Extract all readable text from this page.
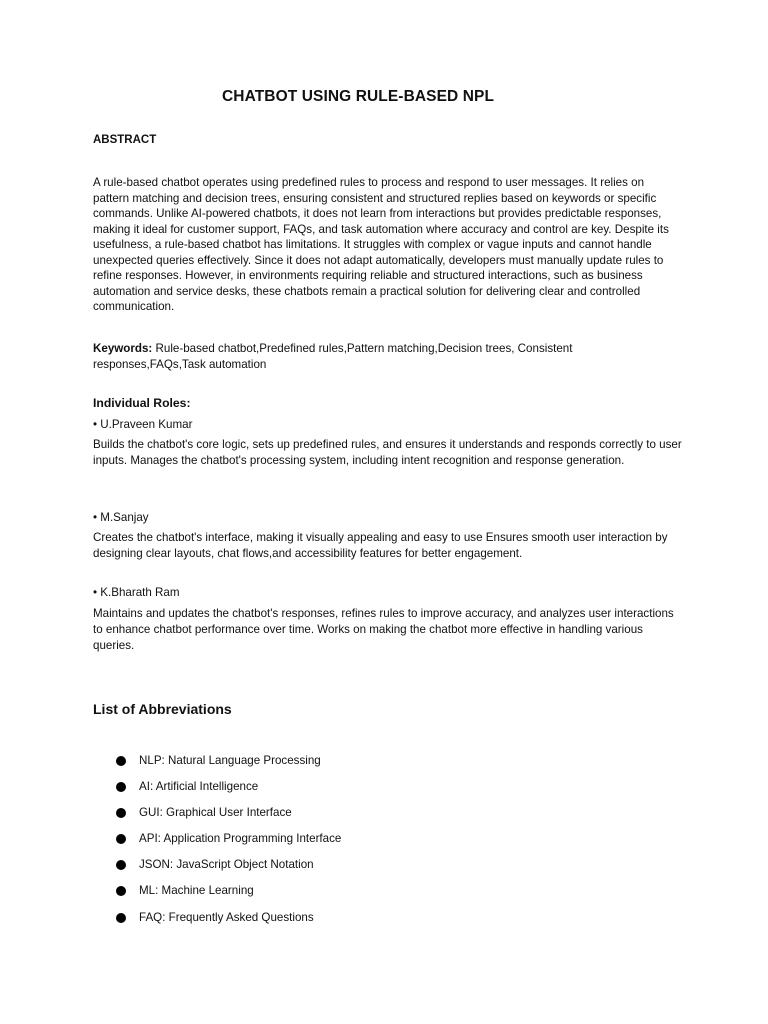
CHATBOT USING RULE-BASED NPL
ABSTRACT
A rule-based chatbot operates using predefined rules to process and respond to user messages. It relies on pattern matching and decision trees, ensuring consistent and structured replies based on keywords or specific commands. Unlike AI-powered chatbots, it does not learn from interactions but provides predictable responses, making it ideal for customer support, FAQs, and task automation where accuracy and control are key. Despite its usefulness, a rule-based chatbot has limitations. It struggles with complex or vague inputs and cannot handle unexpected queries effectively. Since it does not adapt automatically, developers must manually update rules to refine responses. However, in environments requiring reliable and structured interactions, such as business automation and service desks, these chatbots remain a practical solution for delivering clear and controlled communication.
Keywords: Rule-based chatbot,Predefined rules,Pattern matching,Decision trees, Consistent responses,FAQs,Task automation
Individual Roles:
• U.Praveen Kumar
Builds the chatbot's core logic, sets up predefined rules, and ensures it understands and responds correctly to user inputs. Manages the chatbot's processing system, including intent recognition and response generation.
• M.Sanjay
Creates the chatbot's interface, making it visually appealing and easy to use Ensures smooth user interaction by designing clear layouts, chat flows,and accessibility features for better engagement.
• K.Bharath Ram
Maintains and updates the chatbot's responses, refines rules to improve accuracy, and analyzes user interactions to enhance chatbot performance over time. Works on making the chatbot more effective in handling various queries.
List of Abbreviations
NLP: Natural Language Processing
AI: Artificial Intelligence
GUI: Graphical User Interface
API: Application Programming Interface
JSON: JavaScript Object Notation
ML: Machine Learning
FAQ: Frequently Asked Questions
